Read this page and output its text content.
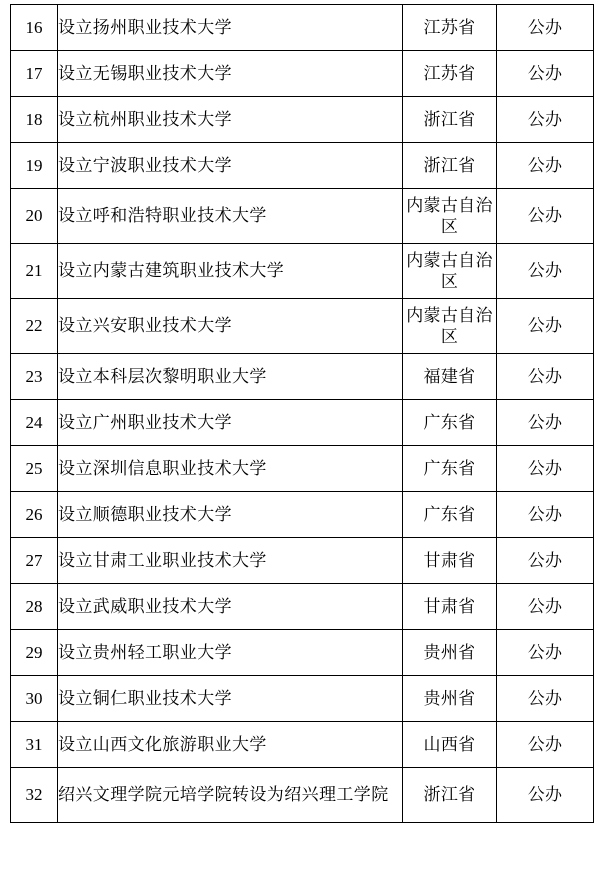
16	设立扬州职业技术大学	江苏省	公办
17	设立无锡职业技术大学	江苏省	公办
18	设立杭州职业技术大学	浙江省	公办
19	设立宁波职业技术大学	浙江省	公办
20	设立呼和浩特职业技术大学	内蒙古自治区	公办
21	设立内蒙古建筑职业技术大学	内蒙古自治区	公办
22	设立兴安职业技术大学	内蒙古自治区	公办
23	设立本科层次黎明职业大学	福建省	公办
24	设立广州职业技术大学	广东省	公办
25	设立深圳信息职业技术大学	广东省	公办
26	设立顺德职业技术大学	广东省	公办
27	设立甘肃工业职业技术大学	甘肃省	公办
28	设立武威职业技术大学	甘肃省	公办
29	设立贵州轻工职业大学	贵州省	公办
30	设立铜仁职业技术大学	贵州省	公办
31	设立山西文化旅游职业大学	山西省	公办
32	绍兴文理学院元培学院转设为绍兴理工学院	浙江省	公办
